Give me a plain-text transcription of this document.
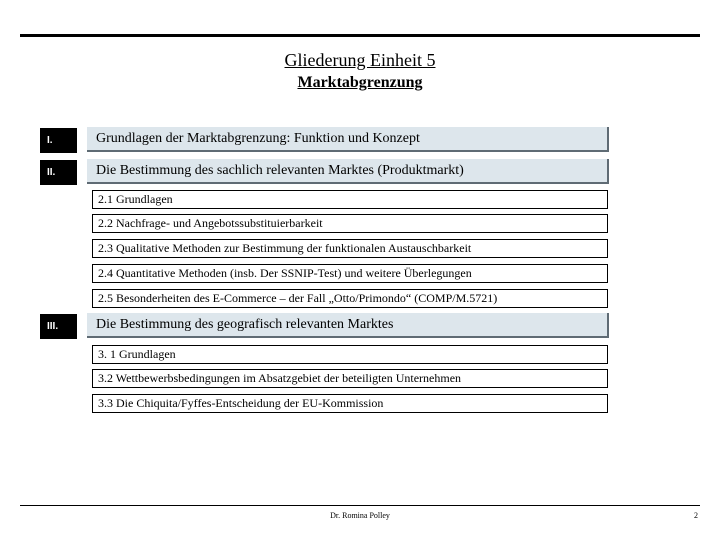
Gliederung Einheit 5
Marktabgrenzung
I.	Grundlagen der Marktabgrenzung: Funktion und Konzept
II.	Die Bestimmung des sachlich relevanten Marktes (Produktmarkt)
2.1 Grundlagen
2.2 Nachfrage- und Angebotssubstituierbarkeit
2.3 Qualitative Methoden zur Bestimmung der funktionalen Austauschbarkeit
2.4 Quantitative Methoden (insb. Der SSNIP-Test) und weitere Überlegungen
2.5 Besonderheiten des E-Commerce – der Fall „Otto/Primondo“ (COMP/M.5721)
III.	Die Bestimmung des geografisch relevanten Marktes
3. 1 Grundlagen
3.2 Wettbewerbsbedingungen im Absatzgebiet der beteiligten Unternehmen
3.3 Die Chiquita/Fyffes-Entscheidung der EU-Kommission
Dr. Romina Polley	2
